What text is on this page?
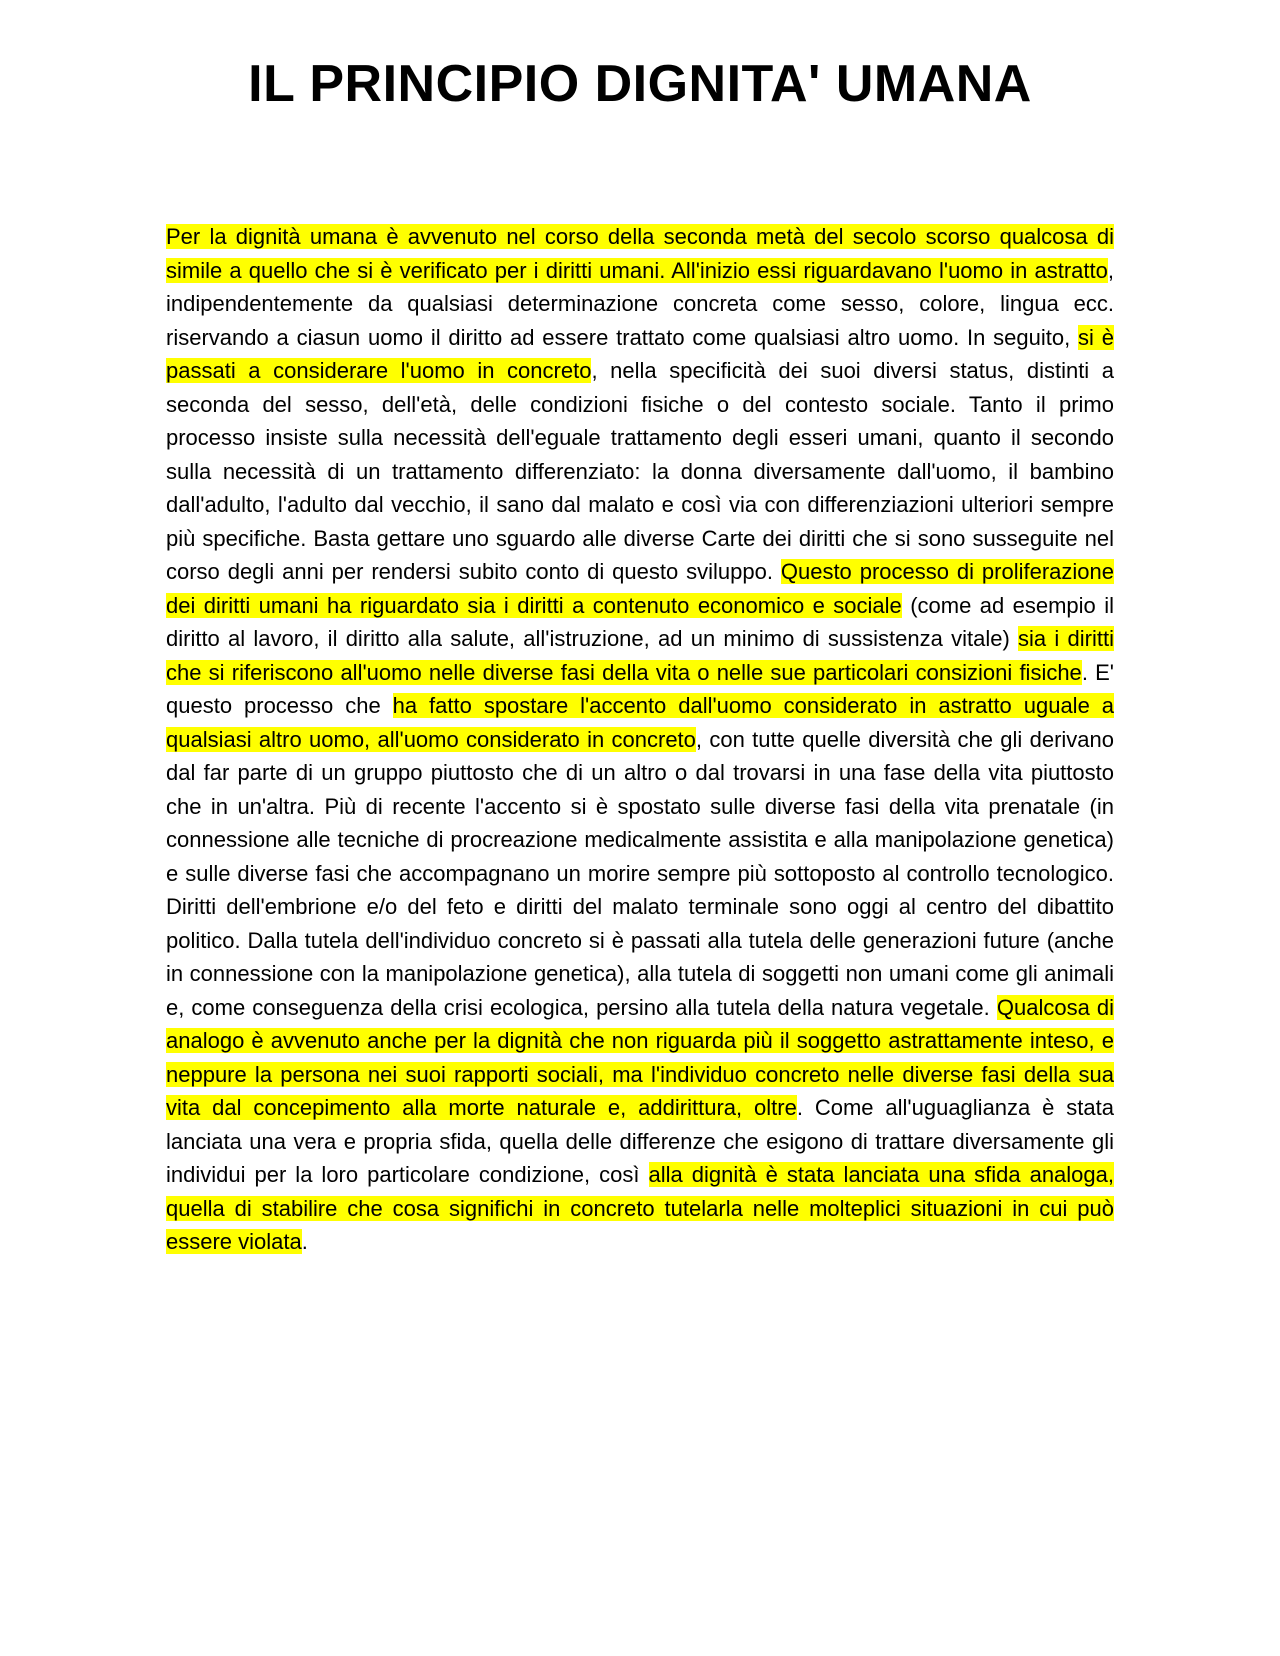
IL PRINCIPIO DIGNITA' UMANA

Per la dignità umana è avvenuto nel corso della seconda metà del secolo scorso qualcosa di simile a quello che si è verificato per i diritti umani. All'inizio essi riguardavano l'uomo in astratto, indipendentemente da qualsiasi determinazione concreta come sesso, colore, lingua ecc. riservando a ciasun uomo il diritto ad essere trattato come qualsiasi altro uomo. In seguito, si è passati a considerare l'uomo in concreto, nella specificità dei suoi diversi status, distinti a seconda del sesso, dell'età, delle condizioni fisiche o del contesto sociale. Tanto il primo processo insiste sulla necessità dell'eguale trattamento degli esseri umani, quanto il secondo sulla necessità di un trattamento differenziato: la donna diversamente dall'uomo, il bambino dall'adulto, l'adulto dal vecchio, il sano dal malato e così via con differenziazioni ulteriori sempre più specifiche. Basta gettare uno sguardo alle diverse Carte dei diritti che si sono susseguite nel corso degli anni per rendersi subito conto di questo sviluppo. Questo processo di proliferazione dei diritti umani ha riguardato sia i diritti a contenuto economico e sociale (come ad esempio il diritto al lavoro, il diritto alla salute, all'istruzione, ad un minimo di sussistenza vitale) sia i diritti che si riferiscono all'uomo nelle diverse fasi della vita o nelle sue particolari consizioni fisiche. E' questo processo che ha fatto spostare l'accento dall'uomo considerato in astratto uguale a qualsiasi altro uomo, all'uomo considerato in concreto, con tutte quelle diversità che gli derivano dal far parte di un gruppo piuttosto che di un altro o dal trovarsi in una fase della vita piuttosto che in un'altra. Più di recente l'accento si è spostato sulle diverse fasi della vita prenatale (in connessione alle tecniche di procreazione medicalmente assistita e alla manipolazione genetica) e sulle diverse fasi che accompagnano un morire sempre più sottoposto al controllo tecnologico. Diritti dell'embrione e/o del feto e diritti del malato terminale sono oggi al centro del dibattito politico. Dalla tutela dell'individuo concreto si è passati alla tutela delle generazioni future (anche in connessione con la manipolazione genetica), alla tutela di soggetti non umani come gli animali e, come conseguenza della crisi ecologica, persino alla tutela della natura vegetale. Qualcosa di analogo è avvenuto anche per la dignità che non riguarda più il soggetto astrattamente inteso, e neppure la persona nei suoi rapporti sociali, ma l'individuo concreto nelle diverse fasi della sua vita dal concepimento alla morte naturale e, addirittura, oltre. Come all'uguaglianza è stata lanciata una vera e propria sfida, quella delle differenze che esigono di trattare diversamente gli individui per la loro particolare condizione, così alla dignità è stata lanciata una sfida analoga, quella di stabilire che cosa significhi in concreto tutelarla nelle molteplici situazioni in cui può essere violata.
